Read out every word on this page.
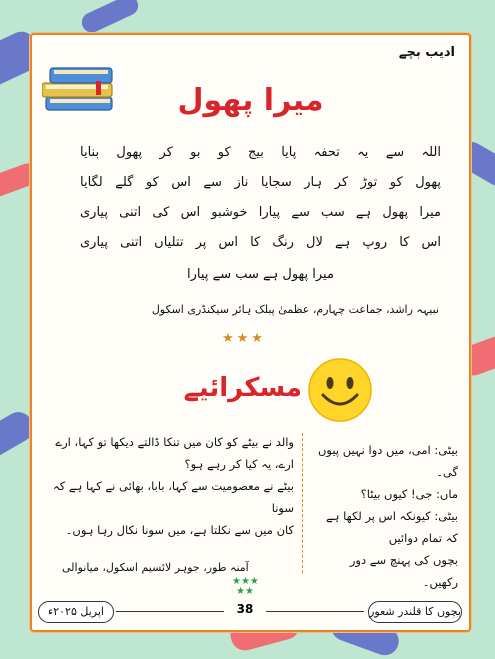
ادیب بچے
میرا پھول
اللہ سے یہ تحفہ پایا بیج کو بو کر پھول بنایا
پھول کو توڑ کر ہار سجایا ناز سے اس کو گلے لگایا
میرا پھول ہے سب سے پیارا خوشبو اس کی اتنی پیاری
اس کا روپ ہے لال رنگ کا اس پر تتلیاں اتنی پیاری
میرا پھول ہے سب سے پیارا
نبیہہ راشد، جماعت چہارم، عظمیٰ پبلک ہائر سیکنڈری اسکول
★★★
مسکرائیے

والد نے بیٹے کو کان میں تنکا ڈالتے دیکھا تو کہا، ارے

ارے، یہ کیا کر رہے ہو؟

بیٹے نے معصومیت سے کہا، بابا، بھائی نے کہا ہے کہ سونا

کان میں سے نکلتا ہے، میں سونا نکال رہا ہوں۔

بیٹی: امی، میں دوا نہیں پیوں گی۔

ماں: جی! کیوں بیٹا؟

بیٹی: کیونکہ اس پر لکھا ہے کہ تمام دوائیں

بچوں کی پہنچ سے دور رکھیں۔

آمنہ طور، جوہر لائسیم اسکول، میانوالی
★★★
★★
اپریل ۲۰۲۵ء	38	بچوں کا قلندر شعور
